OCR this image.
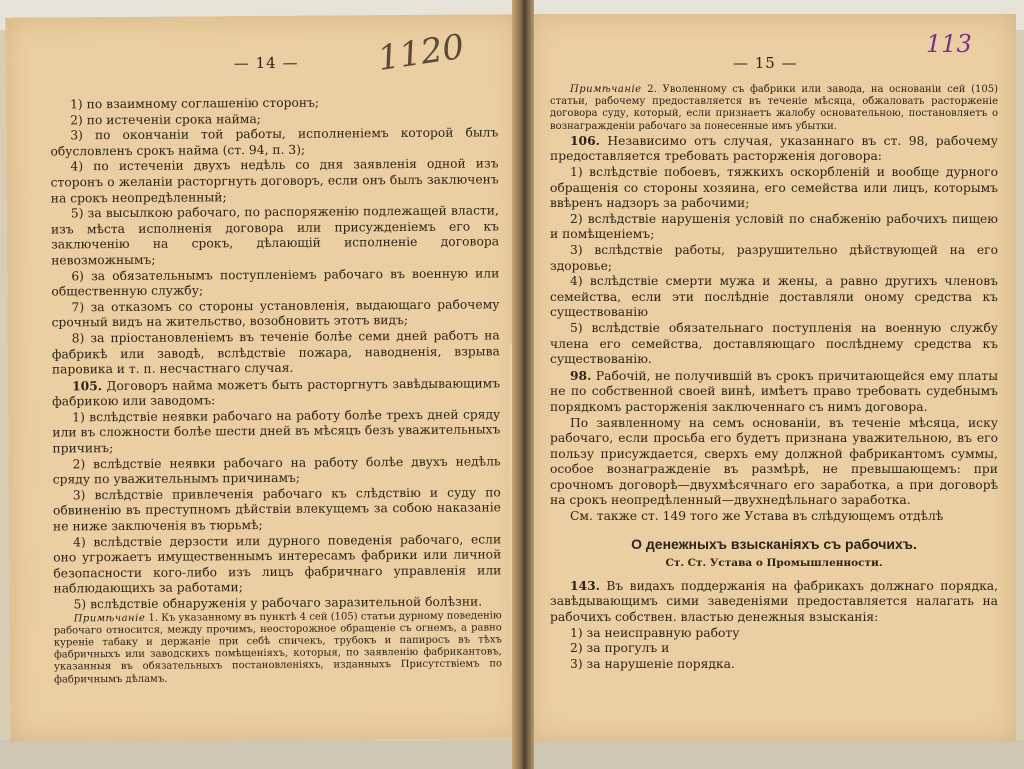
— 14 — 1120

1) по взаимному соглашенію сторонъ;

2) по истеченіи срока найма;

3) по окончаніи той работы, исполненіемъ которой былъ обусловленъ срокъ найма (ст. 94, п. 3);

4) по истеченіи двухъ недѣль со дня заявленія одной изъ сторонъ о желаніи расторгнуть договоръ, если онъ былъ заключенъ на срокъ неопредѣленный;

5) за высылкою рабочаго, по распоряженію подлежащей власти, изъ мѣста исполненія договора или присужденіемъ его къ заключенію на срокъ, дѣлающій исполненіе договора невозможнымъ;

6) за обязательнымъ поступленіемъ рабочаго въ военную или общественную службу;

7) за отказомъ со стороны установленія, выдающаго рабочему срочный видъ на жительство, возобновить этотъ видъ;

8) за пріостановленіемъ въ теченіе болѣе семи дней работъ на фабрикѣ или заводѣ, вслѣдствіе пожара, наводненія, взрыва паровика и т. п. несчастнаго случая.

105. Договоръ найма можетъ быть расторгнутъ завѣдывающимъ фабрикою или заводомъ:

1) вслѣдствіе неявки рабочаго на работу болѣе трехъ дней сряду или въ сложности болѣе шести дней въ мѣсяцъ безъ уважительныхъ причинъ;

2) вслѣдствіе неявки рабочаго на работу болѣе двухъ недѣль сряду по уважительнымъ причинамъ;

3) вслѣдствіе привлеченія рабочаго къ слѣдствію и суду по обвиненію въ преступномъ дѣйствіи влекущемъ за собою наказаніе не ниже заключенія въ тюрьмѣ;

4) вслѣдствіе дерзости или дурного поведенія рабочаго, если оно угрожаетъ имущественнымъ интересамъ фабрики или личной безопасности кого-либо изъ лицъ фабричнаго управленія или наблюдающихъ за работами;

5) вслѣдствіе обнаруженія у рабочаго заразительной болѣзни.

Примѣчаніе 1. Къ указанному въ пунктѣ 4 сей (105) статьи дурному поведенію рабочаго относится, между прочимъ, неосторожное обращеніе съ огнемъ, а равно куреніе табаку и держаніе при себѣ спичекъ, трубокъ и папиросъ въ тѣхъ фабричныхъ или заводскихъ помѣщеніяхъ, которыя, по заявленію фабрикантовъ, указанныя въ обязательныхъ постановленіяхъ, изданныхъ Присутствіемъ по фабричнымъ дѣламъ.

— 15 —
113

Примѣчаніе 2. Уволенному съ фабрики или завода, на основаніи сей (105) статьи, рабочему предоставляется въ теченіе мѣсяца, обжаловать расторженіе договора суду, который, если признаетъ жалобу основательною, постановляетъ о вознагражденіи рабочаго за понесенные имъ убытки.

106. Независимо отъ случая, указаннаго въ ст. 98, рабочему предоставляется требовать расторженія договора:

1) вслѣдствіе побоевъ, тяжкихъ оскорбленій и вообще дурного обращенія со стороны хозяина, его семейства или лицъ, которымъ ввѣренъ надзоръ за рабочими;

2) вслѣдствіе нарушенія условій по снабженію рабочихъ пищею и помѣщеніемъ;

3) вслѣдствіе работы, разрушительно дѣйствующей на его здоровье;

4) вслѣдствіе смерти мужа и жены, а равно другихъ членовъ семейства, если эти послѣдніе доставляли оному средства къ существованію

5) вслѣдствіе обязательнаго поступленія на военную службу члена его семейства, доставляющаго послѣднему средства къ существованію.

98. Рабочій, не получившій въ срокъ причитающейся ему платы не по собственной своей винѣ, имѣетъ право требовать судебнымъ порядкомъ расторженія заключеннаго съ нимъ договора.

По заявленному на семъ основаніи, въ теченіе мѣсяца, иску рабочаго, если просьба его будетъ признана уважительною, въ его пользу присуждается, сверхъ ему должной фабрикантомъ суммы, особое вознагражденіе въ размѣрѣ, не превышающемъ: при срочномъ договорѣ—двухмѣсячнаго его заработка, а при договорѣ на срокъ неопредѣленный—двухнедѣльнаго заработка.

См. также ст. 149 того же Устава въ слѣдующемъ отдѣлѣ

О денежныхъ взысканіяхъ съ рабочихъ.
Ст. Ст. Устава о Промышленности.

143. Въ видахъ поддержанія на фабрикахъ должнаго порядка, завѣдывающимъ сими заведеніями предоставляется налагать на рабочихъ собствен. властью денежныя взысканія:

1) за неисправную работу

2) за прогулъ и

3) за нарушеніе порядка.
